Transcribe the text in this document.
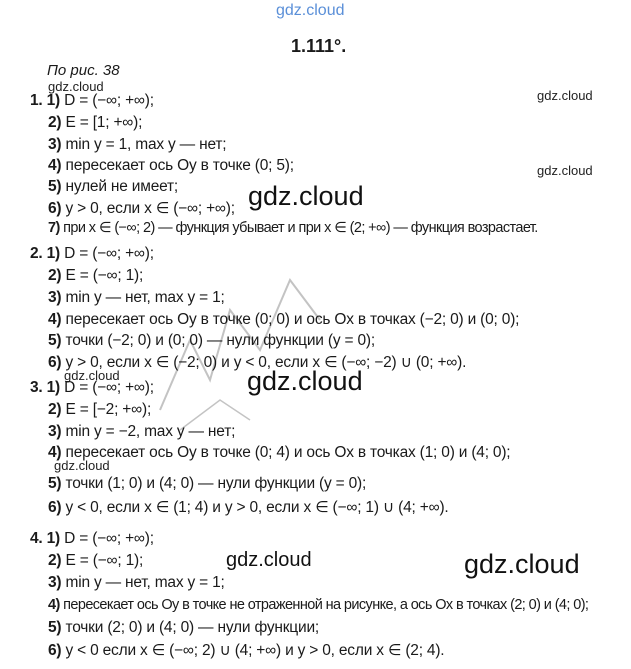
gdz.cloud
1.111°.
По рис. 38
gdz.cloud
gdz.cloud
gdz.cloud
gdz.cloud
gdz.cloud
gdz.cloud
gdz.cloud
gdz.cloud	gdz.cloud
1. 1) D = (−∞; +∞);
2) E = [1; +∞);
3) min y = 1, max y — нет;
4) пересекает ось Oy в точке (0; 5);
5) нулей не имеет;
6) y > 0, если x ∈ (−∞; +∞);
7) при x ∈ (−∞; 2) — функция убывает и при x ∈ (2; +∞) — функция возрастает.
2. 1) D = (−∞; +∞);
2) E = (−∞; 1);
3) min y — нет, max y = 1;
4) пересекает ось Oy в точке (0; 0) и ось Ox в точках (−2; 0) и (0; 0);
5) точки (−2; 0) и (0; 0) — нули функции (y = 0);
6) y > 0, если x ∈ (−2; 0) и y < 0, если x ∈ (−∞; −2) ∪ (0; +∞).
3. 1) D = (−∞; +∞);
2) E = [−2; +∞);
3) min y = −2, max y — нет;
4) пересекает ось Oy в точке (0; 4) и ось Ox в точках (1; 0) и (4; 0);
5) точки (1; 0) и (4; 0) — нули функции (y = 0);
6) y < 0, если x ∈ (1; 4) и y > 0, если x ∈ (−∞; 1) ∪ (4; +∞).
4. 1) D = (−∞; +∞);
2) E = (−∞; 1);
3) min y — нет, max y = 1;
4) пересекает ось Oy в точке не отраженной на рисунке, а ось Ox в точках (2; 0) и (4; 0);
5) точки (2; 0) и (4; 0) — нули функции;
6) y < 0 если x ∈ (−∞; 2) ∪ (4; +∞) и y > 0, если x ∈ (2; 4).
